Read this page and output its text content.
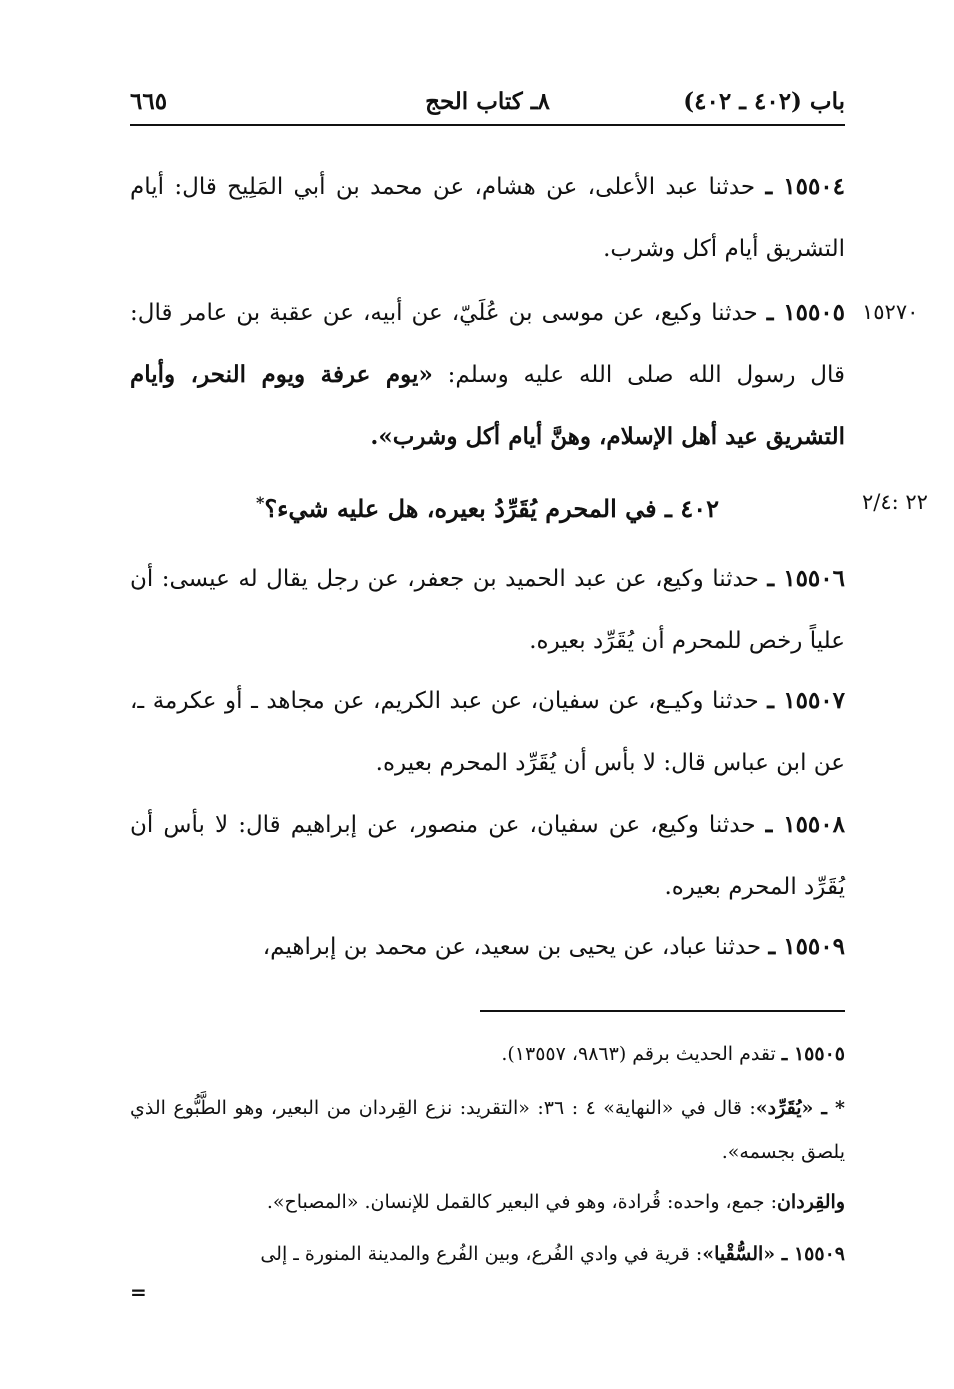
باب (٤٠٢ ـ ٤٠٢)
٨ـ كتاب الحج
٦٦٥
١٥٥٠٤ ـ حدثنا عبد الأعلى، عن هشام، عن محمد بن أبي المَلِيح قال: أيام التشريق أيام أكل وشرب.
١٥٢٧٠
١٥٥٠٥ ـ حدثنا وكيع، عن موسى بن عُلَيّ، عن أبيه، عن عقبة بن عامر قال: قال رسول الله صلى الله عليه وسلم: «يوم عرفة ويوم النحر، وأيام التشريق عيد أهل الإسلام، وهنَّ أيام أكل وشرب».
٢٢ :٢/٤
٤٠٢ ـ في المحرم يُقَرِّدُ بعيره، هل عليه شيء؟*
١٥٥٠٦ ـ حدثنا وكيع، عن عبد الحميد بن جعفر، عن رجل يقال له عيسى: أن علياً رخص للمحرم أن يُقَرِّد بعيره.
١٥٥٠٧ ـ حدثنا وكيـع، عن سفيان، عن عبد الكريم، عن مجاهد ـ أو عكرمة ـ، عن ابن عباس قال: لا بأس أن يُقَرِّد المحرم بعيره.
١٥٥٠٨ ـ حدثنا وكيع، عن سفيان، عن منصور، عن إبراهيم قال: لا بأس أن يُقَرِّد المحرم بعيره.
١٥٥٠٩ ـ حدثنا عباد، عن يحيى بن سعيد، عن محمد بن إبراهيم،
١٥٥٠٥ ـ تقدم الحديث برقم (٩٨٦٣، ١٣٥٥٧).
* ـ «يُقَرِّد»: قال في «النهاية» ٤ : ٣٦: «التقريد: نزع القِردان من البعير، وهو الطَّبُّوع الذي يلصق بجسمه».
والقِردان: جمع، واحده: قُرادة، وهو في البعير كالقمل للإنسان. «المصباح».
١٥٥٠٩ ـ «السُّقْيا»: قرية في وادي الفُرع، وبين الفُرع والمدينة المنورة ـ إلى
=
